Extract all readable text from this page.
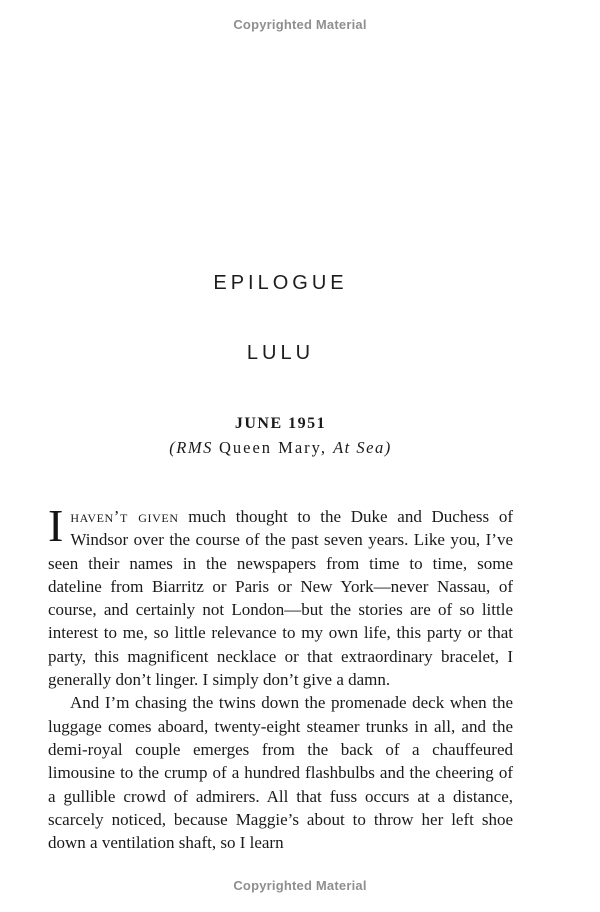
Copyrighted Material
EPILOGUE
LULU
JUNE 1951
(RMS Queen Mary, At Sea)

Ihaven’t given much thought to the Duke and Duchess of Windsor over the course of the past seven years. Like you, I’ve seen their names in the newspapers from time to time, some dateline from Biarritz or Paris or New York—never Nassau, of course, and certainly not London—but the stories are of so little interest to me, so little relevance to my own life, this party or that party, this magnificent necklace or that extraordinary bracelet, I generally don’t linger. I simply don’t give a damn.

And I’m chasing the twins down the promenade deck when the luggage comes aboard, twenty-eight steamer trunks in all, and the demi-royal couple emerges from the back of a chauffeured limousine to the crump of a hundred flashbulbs and the cheering of a gullible crowd of admirers. All that fuss occurs at a distance, scarcely noticed, because Maggie’s about to throw her left shoe down a ventilation shaft, so I learn

Copyrighted Material
